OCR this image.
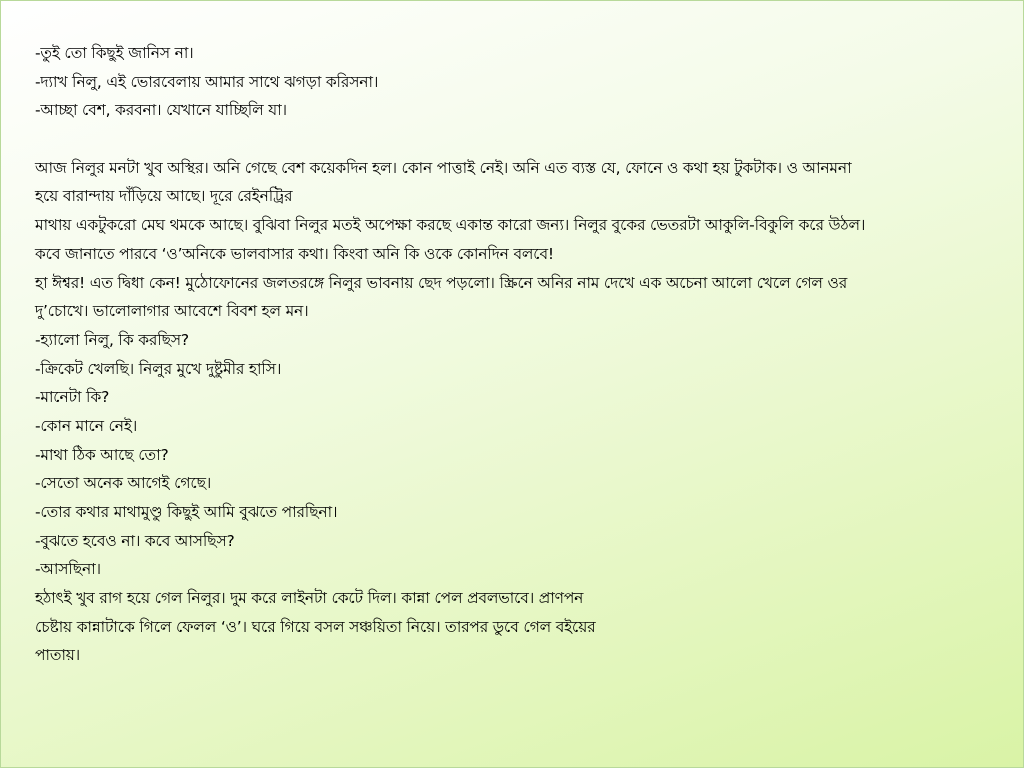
-তুই তো কিছুই জানিস না।
-দ্যাখ নিলু, এই ভোরবেলায় আমার সাথে ঝগড়া করিসনা।
-আচ্ছা বেশ, করবনা। যেখানে যাচ্ছিলি যা।
আজ নিলুর মনটা খুব অস্থির। অনি গেছে বেশ কয়েকদিন হল। কোন পাত্তাই নেই। অনি এত ব্যস্ত যে, ফোনে ও কথা হয় টুকটাক। ও আনমনা
হয়ে বারান্দায় দাঁড়িয়ে আছে। দূরে রেইনট্রির
মাথায় একটুকরো মেঘ থমকে আছে। বুঝিবা নিলুর মতই অপেক্ষা করছে একান্ত কারো জন্য। নিলুর বুকের ভেতরটা আকুলি-বিকুলি করে উঠল।
কবে জানাতে পারবে ‘ও’অনিকে ভালবাসার কথা। কিংবা অনি কি ওকে কোনদিন বলবে!
হা ঈশ্বর! এত দ্বিধা কেন! মুঠোফোনের জলতরঙ্গে নিলুর ভাবনায় ছেদ পড়লো। স্ক্রিনে অনির নাম দেখে এক অচেনা আলো খেলে গেল ওর
দু’চোখে। ভালোলাগার আবেশে বিবশ হল মন।
-হ্যালো নিলু, কি করছিস?
-ক্রিকেট খেলছি। নিলুর মুখে দুষ্টুমীর হাসি।
-মানেটা কি?
-কোন মানে নেই।
-মাথা ঠিক আছে তো?
-সেতো অনেক আগেই গেছে।
-তোর কথার মাথামুণ্ডু কিছুই আমি বুঝতে পারছিনা।
-বুঝতে হবেও না। কবে আসছিস?
-আসছিনা।
হঠাৎই খুব রাগ হয়ে গেল নিলুর। দুম করে লাইনটা কেটে দিল। কান্না পেল প্রবলভাবে। প্রাণপন
চেষ্টায় কান্নাটাকে গিলে ফেলল ‘ও’। ঘরে গিয়ে বসল সঞ্চয়িতা নিয়ে। তারপর ডুবে গেল বইয়ের
পাতায়।
